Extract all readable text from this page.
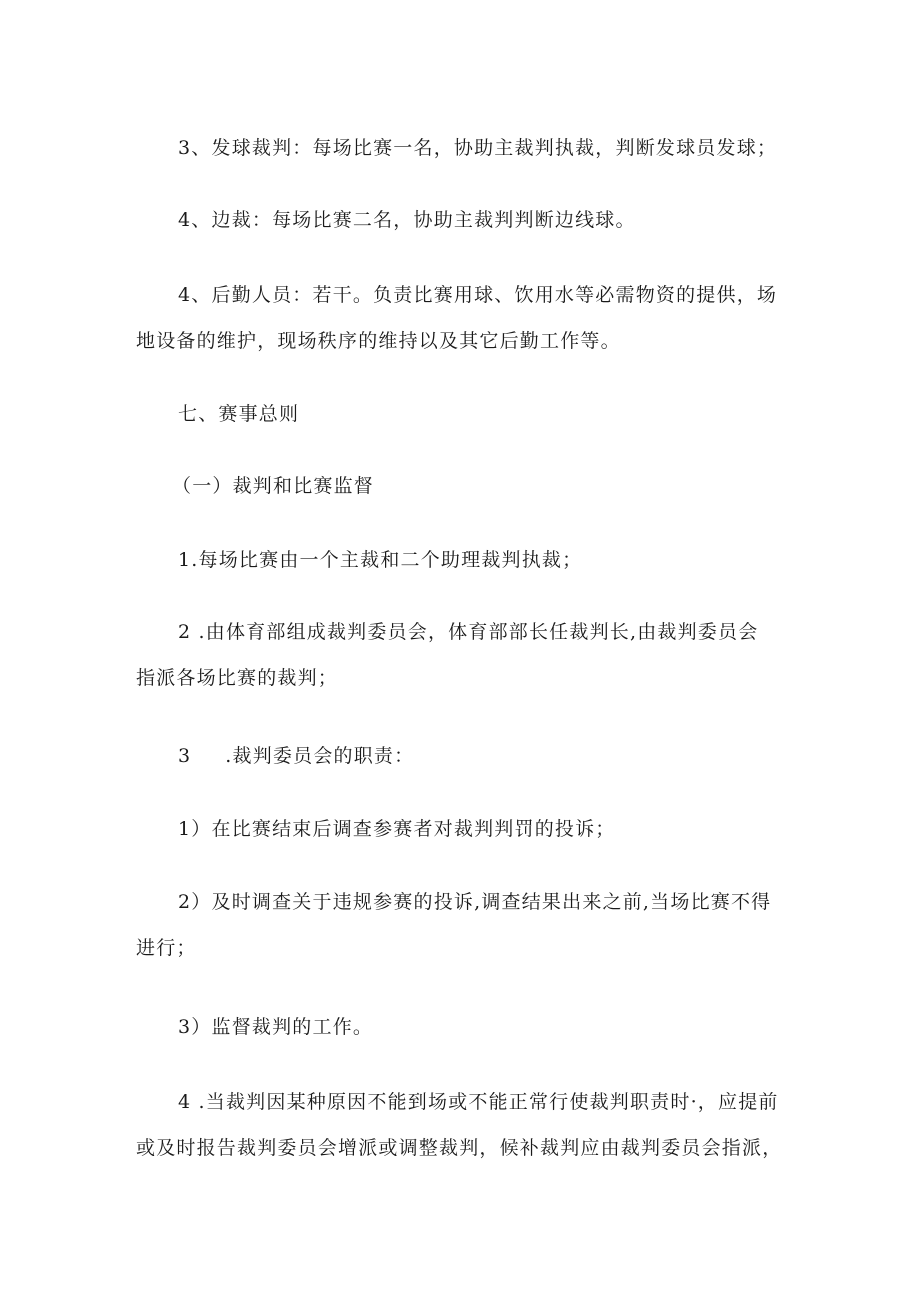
3、发球裁判：每场比赛一名，协助主裁判执裁，判断发球员发球；
4、边裁：每场比赛二名，协助主裁判判断边线球。
4、后勤人员：若干。负责比赛用球、饮用水等必需物资的提供，场
地设备的维护，现场秩序的维持以及其它后勤工作等。
七、赛事总则
（一）裁判和比赛监督
1.每场比赛由一个主裁和二个助理裁判执裁；
2 .由体育部组成裁判委员会，体育部部长任裁判长,由裁判委员会
指派各场比赛的裁判；
3 .裁判委员会的职责：
1）在比赛结束后调查参赛者对裁判判罚的投诉；
2）及时调查关于违规参赛的投诉,调查结果出来之前,当场比赛不得
进行；
3）监督裁判的工作。
4 .当裁判因某种原因不能到场或不能正常行使裁判职责时·，应提前
或及时报告裁判委员会增派或调整裁判，候补裁判应由裁判委员会指派，
